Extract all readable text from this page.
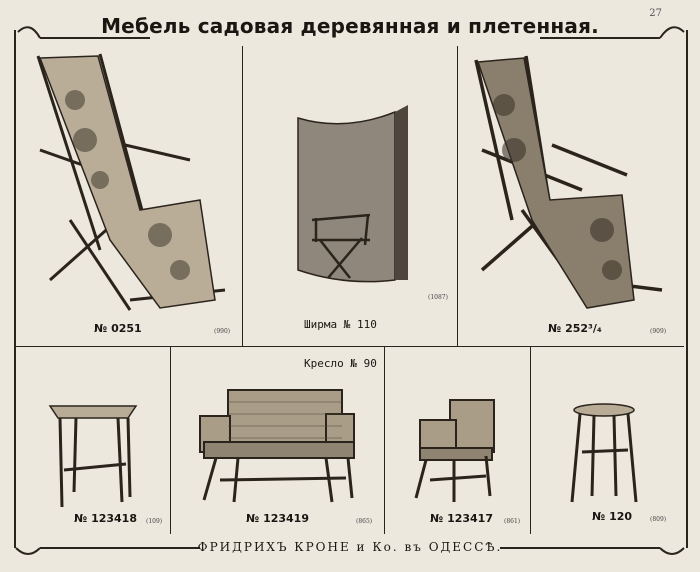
27
Мебель садовая деревянная и плетенная.
№ 0251	(990)

Ширма № 110

Кресло № 90

(1087)
№ 252³/₄	(909)
№ 123418 (109)	№ 123419	(865)	№ 123417 (861)	№ 120	(809)
ФРИДРИХЪ КРОНЕ и Ко. въ ОДЕССѢ.
